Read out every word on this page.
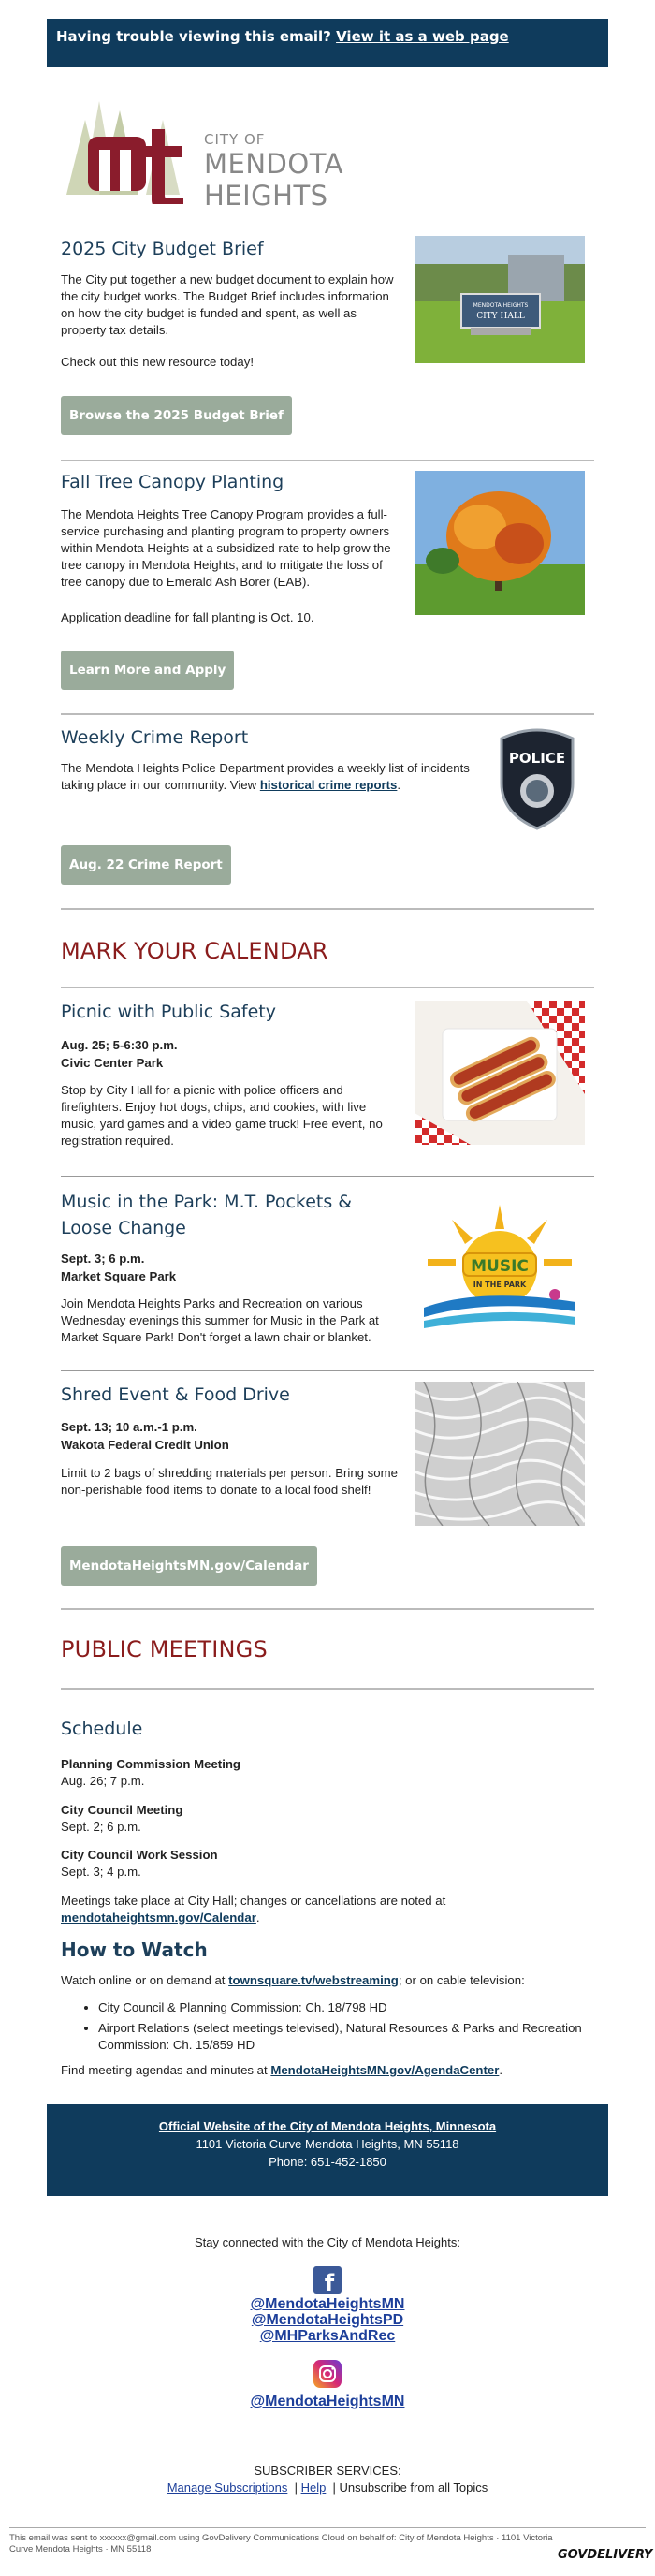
Having trouble viewing this email? View it as a web page
CITY OF
MENDOTA HEIGHTS
2025 City Budget Brief

The City put together a new budget document to explain how the city budget works. The Budget Brief includes information on how the city budget is funded and spent, as well as property tax details.

Check out this new resource today!

MENDOTA HEIGHTS
CITY HALL
Browse the 2025 Budget Brief
Fall Tree Canopy Planting

The Mendota Heights Tree Canopy Program provides a full-service purchasing and planting program to property owners within Mendota Heights at a subsidized rate to help grow the tree canopy in Mendota Heights, and to mitigate the loss of tree canopy due to Emerald Ash Borer (EAB).

Application deadline for fall planting is Oct. 10.

Learn More and Apply
Weekly Crime Report

The Mendota Heights Police Department provides a weekly list of incidents taking place in our community. View historical crime reports.

POLICE
Aug. 22 Crime Report
MARK YOUR CALENDAR
Picnic with Public Safety

Aug. 25; 5-6:30 p.m.

Civic Center Park

Stop by City Hall for a picnic with police officers and firefighters. Enjoy hot dogs, chips, and cookies, with live music, yard games and a video game truck! Free event, no registration required.

Music in the Park: M.T. Pockets & Loose Change

Sept. 3; 6 p.m.

Market Square Park

Join Mendota Heights Parks and Recreation on various Wednesday evenings this summer for Music in the Park at Market Square Park! Don't forget a lawn chair or blanket.

MUSIC
IN THE PARK
Shred Event & Food Drive

Sept. 13; 10 a.m.-1 p.m.

Wakota Federal Credit Union

Limit to 2 bags of shredding materials per person. Bring some non-perishable food items to donate to a local food shelf!

MendotaHeightsMN.gov/Calendar
PUBLIC MEETINGS
Schedule

Planning Commission Meeting

Aug. 26; 7 p.m.

City Council Meeting

Sept. 2; 6 p.m.

City Council Work Session

Sept. 3; 4 p.m.

Meetings take place at City Hall; changes or cancellations are noted at mendotaheightsmn.gov/Calendar.

How to Watch

Watch online or on demand at townsquare.tv/webstreaming; or on cable television:

• City Council & Planning Commission: Ch. 18/798 HD
• Airport Relations (select meetings televised), Natural Resources & Parks and Recreation Commission: Ch. 15/859 HD

Find meeting agendas and minutes at MendotaHeightsMN.gov/AgendaCenter.

Official Website of the City of Mendota Heights, Minnesota
1101 Victoria Curve Mendota Heights, MN 55118
Phone: 651-452-1850
Stay connected with the City of Mendota Heights:
f
@MendotaHeightsMN
@MendotaHeightsPD
@MHParksAndRec
@MendotaHeightsMN
SUBSCRIBER SERVICES:
Manage Subscriptions  | Help  | Unsubscribe from all Topics
This email was sent to xxxxxx@gmail.com using GovDelivery Communications Cloud on behalf of: City of Mendota Heights · 1101 Victoria Curve Mendota Heights · MN 55118	GOVDELIVERY
